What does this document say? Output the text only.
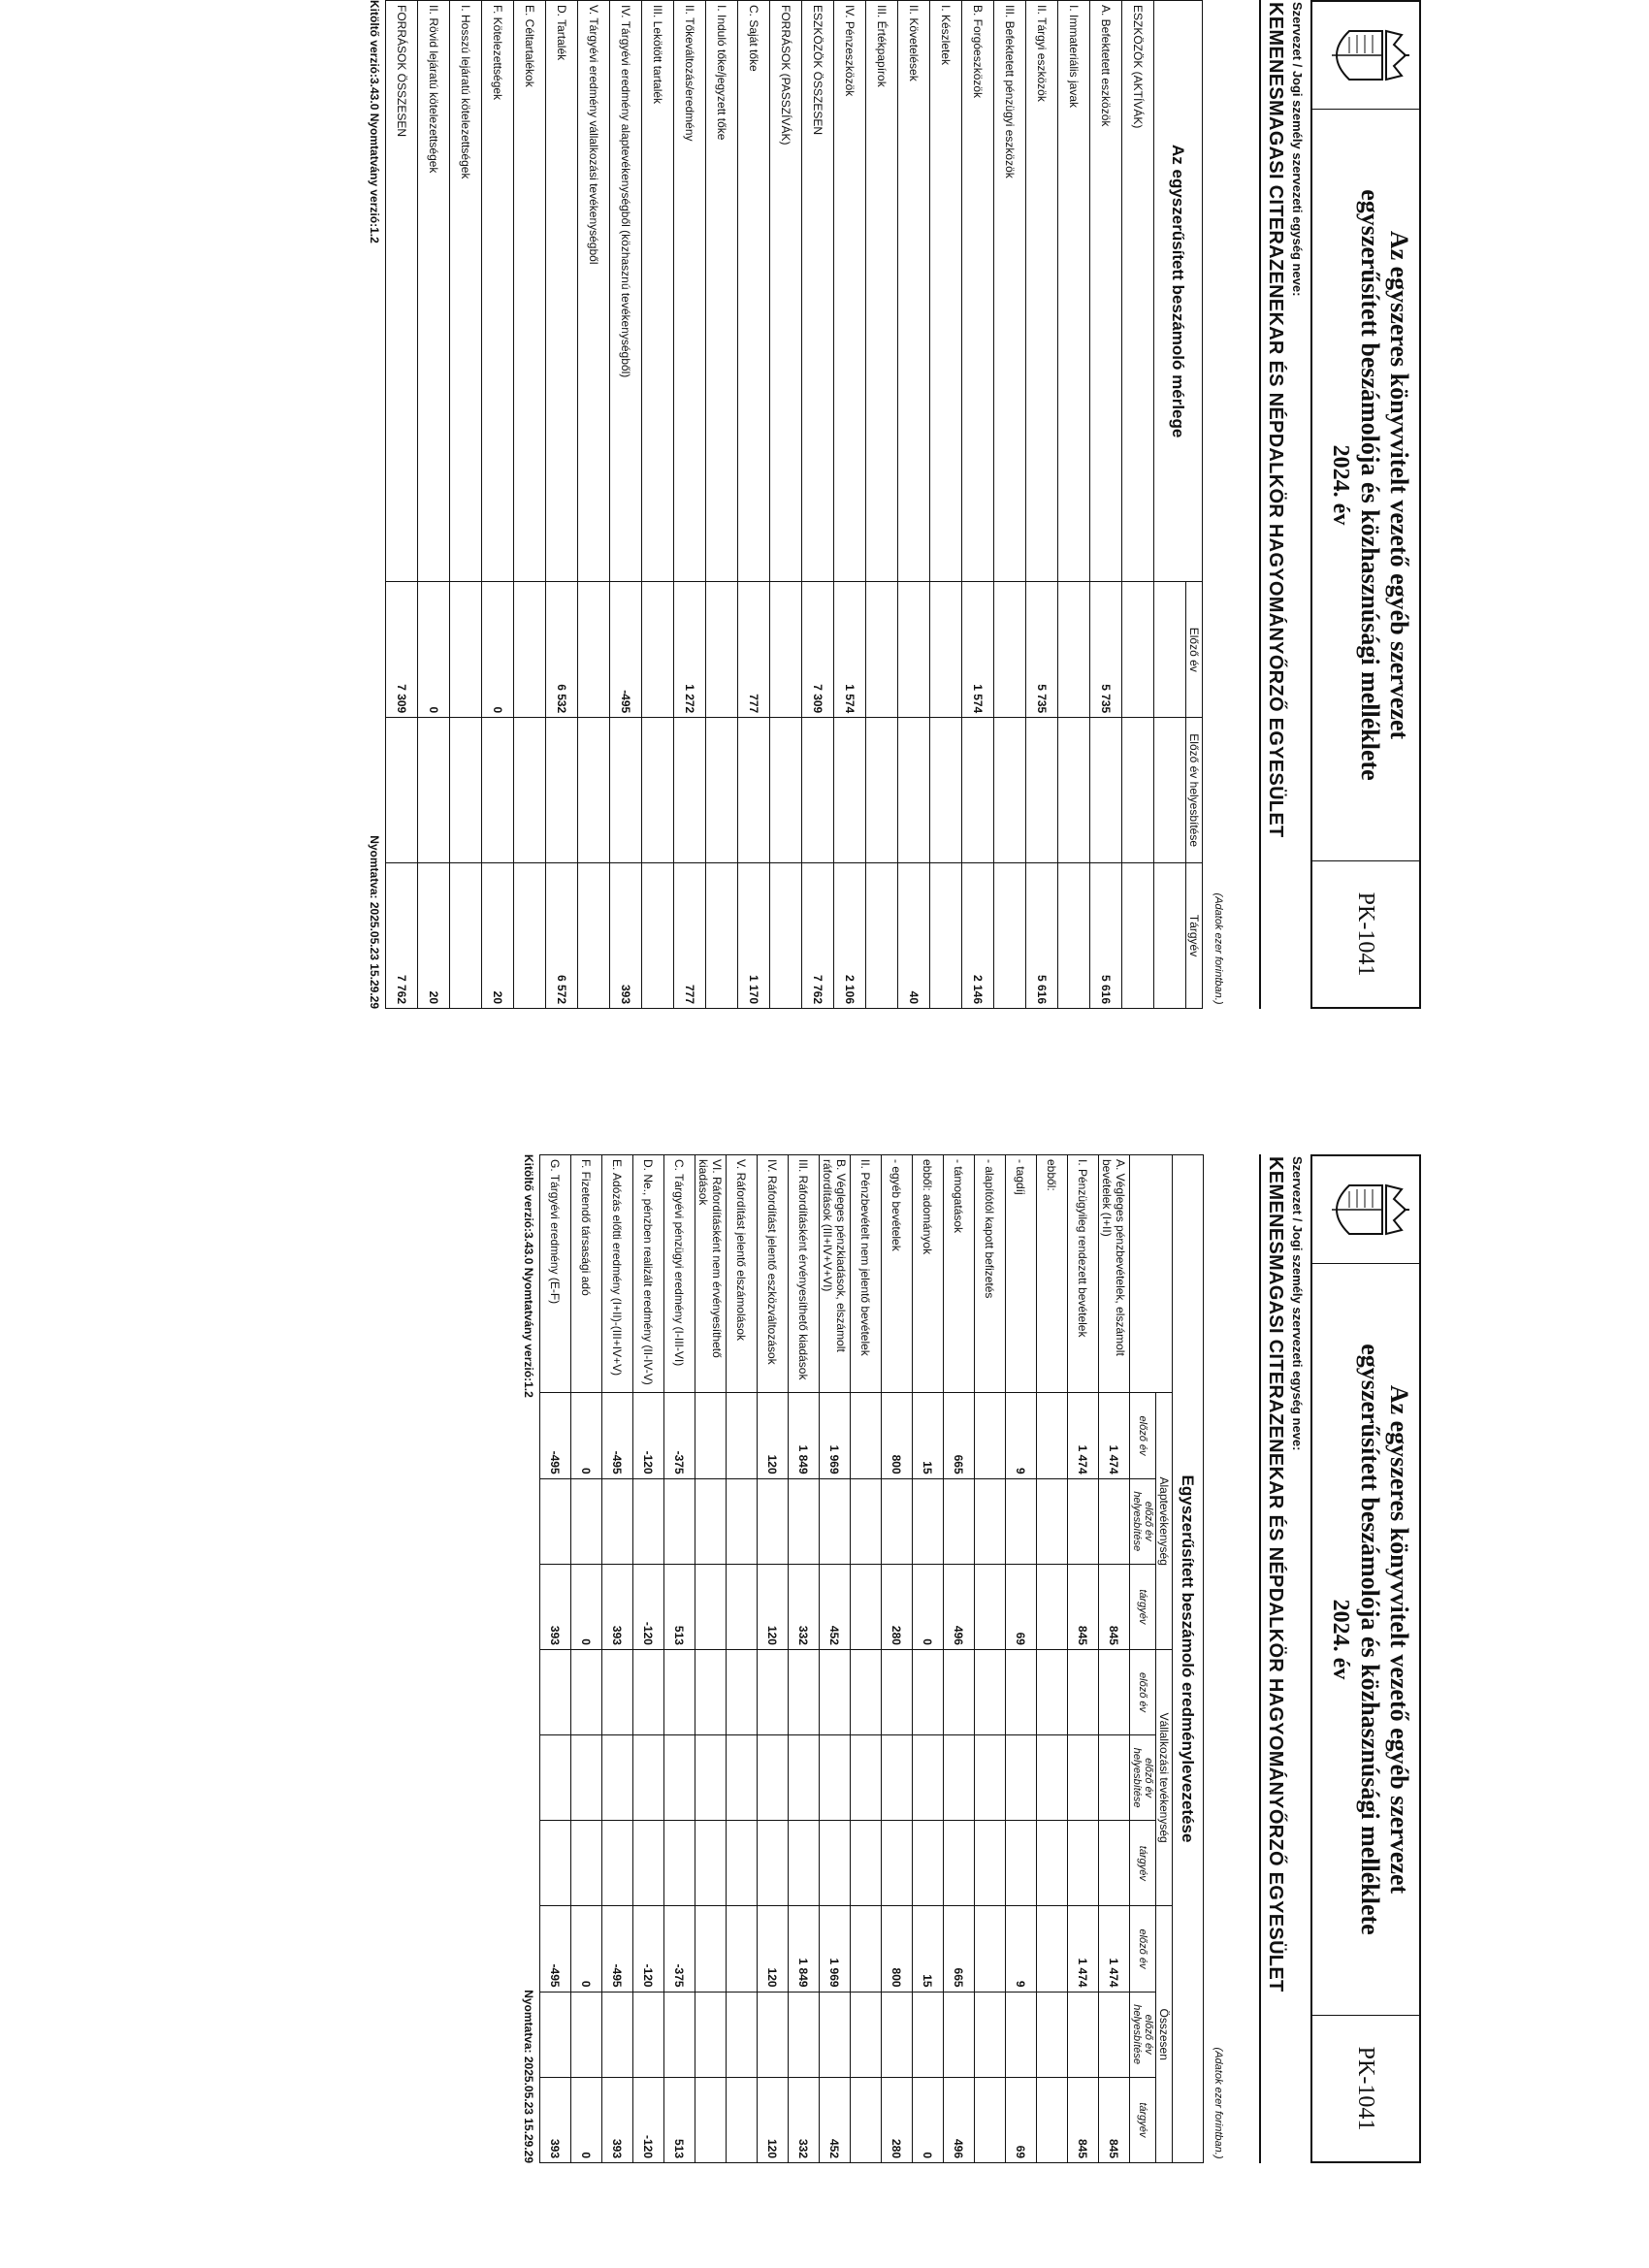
Az egyszeres könyvvitelt vezető egyéb szervezet
egyszerűsített beszámolója és közhasznúsági melléklete
2024. év
PK-1041
Szervezet / Jogi személy szervezeti egység neve:
KEMENESMAGASI CITERAZENEKAR ÉS NÉPDALKÖR HAGYOMÁNYŐRZŐ EGYESÜLET
(Adatok ezer forintban.)			
Az egyszerűsített beszámoló mérlege	Előző év	Előző év helyesbítése	Tárgyév

ESZKÖZÖK (AKTÍVÁK)			
A. Befektetett eszközök	5 735		5 616
I. Immateriális javak			
II. Tárgyi eszközök	5 735		5 616
III. Befektetett pénzügyi eszközök			
B. Forgóeszközök	1 574		2 146
I. Készletek			
II. Követelések			40
III. Értékpapírok			
IV. Pénzeszközök	1 574		2 106
ESZKÖZÖK ÖSSZESEN	7 309		7 762
FORRÁSOK (PASSZÍVÁK)			
C. Saját tőke	777		1 170
I. Induló tőke/jegyzett tőke			
II. Tőkeváltozás/eredmény	1 272		777
III. Lekötött tartalék			
IV. Tárgyévi eredmény alaptevékenységből (közhasznú tevékenységből)	-495		393
V. Tárgyévi eredmény vállalkozási tevékenységből			
D. Tartalék	6 532		6 572
E. Céltartalékok			
F. Kötelezettségek	0		20
I. Hosszú lejáratú kötelezettségek			
II. Rövid lejáratú kötelezettségek	0		20
FORRÁSOK ÖSSZESEN	7 309		7 762
Kitöltő verzió:3.43.0 Nyomtatvány verzió:1.2
Nyomtatva: 2025.05.23 15.29.29
Az egyszeres könyvvitelt vezető egyéb szervezet
egyszerűsített beszámolója és közhasznúsági melléklete
2024. év
PK-1041
Szervezet / Jogi személy szervezeti egység neve:
KEMENESMAGASI CITERAZENEKAR ÉS NÉPDALKÖR HAGYOMÁNYŐRZŐ EGYESÜLET
(Adatok ezer forintban.)									
Egyszerűsített beszámoló eredménylevezetése									
	Alaptevékenység			Vállalkozási tevékenység			Összesen		
	előző év	előző év helyesbítése	tárgyév	előző év	előző év helyesbítése	tárgyév	előző év	előző év helyesbítése	tárgyév
A. Végleges pénzbevételek, elszámolt bevételek (I+II)	1 474		845				1 474		845
I. Pénzügyileg rendezett bevételek	1 474		845				1 474		845
ebből:									
- tagdíj	9		69				9		69
- alapítótól kapott befizetés									
- támogatások	665		496				665		496
ebből: adományok	15		0				15		0
- egyéb bevételek	800		280				800		280
II. Pénzbevételt nem jelentő bevételek									
B. Végleges pénzkiadások, elszámolt ráfordítások (III+IV+V+VI)	1 969		452				1 969		452
III. Ráfordításként érvényesíthető kiadások	1 849		332				1 849		332
IV. Ráfordítást jelentő eszközváltozások	120		120				120		120
V. Ráfordítást jelentő elszámolások									
VI. Ráfordításként nem érvényesíthető kiadások									
C. Tárgyévi pénzügyi eredmény (I-III-VI)	-375		513				-375		513
D. Ne., pénzben realizált eredmény (II-IV-V)	-120		-120				-120		-120
E. Adózás előtti eredmény (I+II)-(III+IV+V)	-495		393				-495		393
F. Fizetendő társasági adó	0		0				0		0
G. Tárgyévi eredmény (E-F)	-495		393				-495		393
Kitöltő verzió:3.43.0 Nyomtatvány verzió:1.2
Nyomtatva: 2025.05.23 15.29.29
